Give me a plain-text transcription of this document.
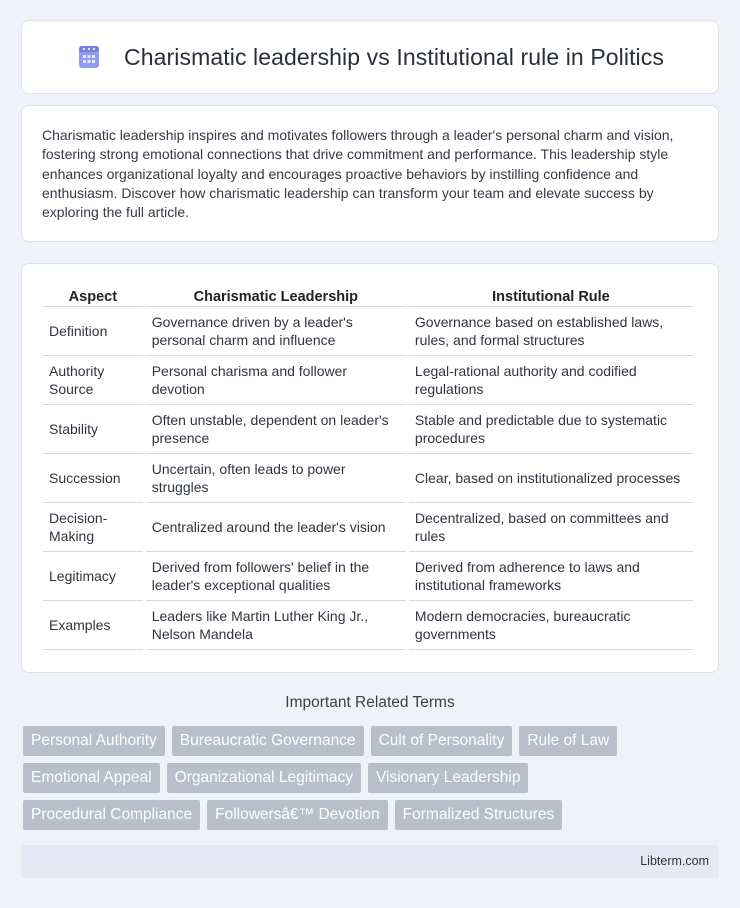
Charismatic leadership vs Institutional rule in Politics

Charismatic leadership inspires and motivates followers through a leader's personal charm and vision, fostering strong emotional connections that drive commitment and performance. This leadership style enhances organizational loyalty and encourages proactive behaviors by instilling confidence and enthusiasm. Discover how charismatic leadership can transform your team and elevate success by exploring the full article.

Aspect	Charismatic Leadership	Institutional Rule
Definition	Governance driven by a leader's personal charm and influence	Governance based on established laws, rules, and formal structures
Authority Source	Personal charisma and follower devotion	Legal-rational authority and codified regulations
Stability	Often unstable, dependent on leader's presence	Stable and predictable due to systematic procedures
Succession	Uncertain, often leads to power struggles	Clear, based on institutionalized processes
Decision-Making	Centralized around the leader's vision	Decentralized, based on committees and rules
Legitimacy	Derived from followers' belief in the leader's exceptional qualities	Derived from adherence to laws and institutional frameworks
Examples	Leaders like Martin Luther King Jr., Nelson Mandela	Modern democracies, bureaucratic governments
Important Related Terms
Personal Authority	Bureaucratic Governance	Cult of Personality	Rule of Law
Emotional Appeal	Organizational Legitimacy	Visionary Leadership
Procedural Compliance	Followersâ€™ Devotion	Formalized Structures
Libterm.com
